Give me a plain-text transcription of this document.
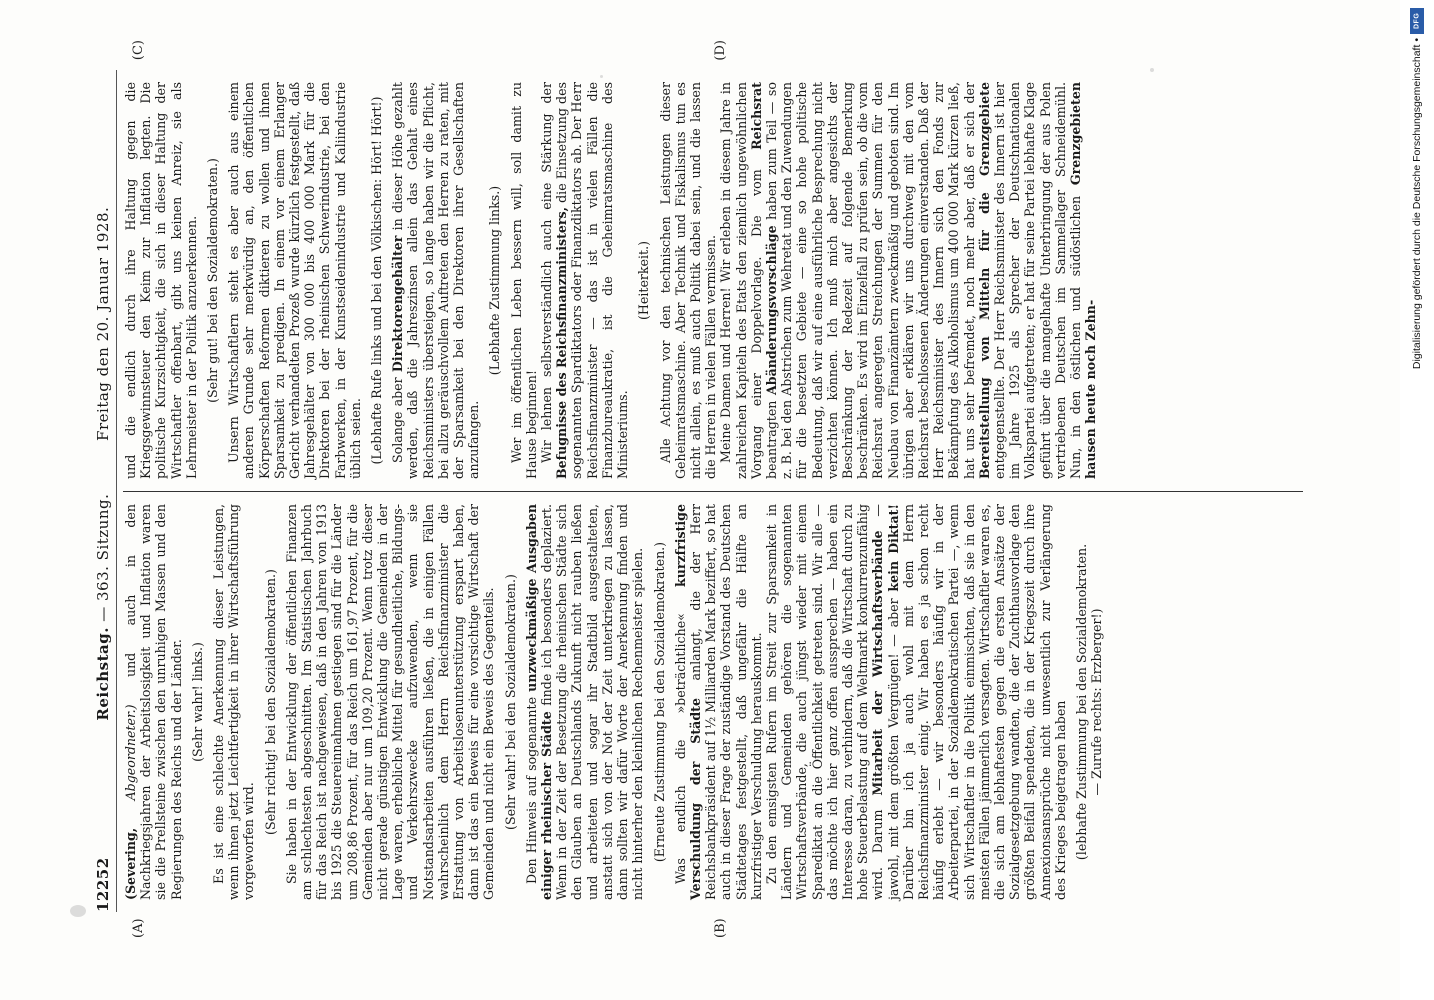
12252
Reichstag. — 363. Sitzung.          Freitag den 20. Januar 1928.
(A)	(B)
(C)	(D)

(Severing, Abgeordneter.) und auch in den Nachkriegsjahren der Arbeitslosigkeit und Inflation waren sie die Prellsteine zwischen den unruhigen Massen und den Regierungen des Reichs und der Länder. (Sehr wahr! links.) Es ist eine schlechte Anerkennung dieser Leistungen, wenn ihnen jetzt Leichtfertigkeit in ihrer Wirtschaftsführung vorgeworfen wird.

(Sehr richtig! bei den Sozialdemokraten.) Sie haben in der Entwicklung der öffentlichen Finanzen am schlechtesten abgeschnitten. Im Statistischen Jahrbuch für das Reich ist nachgewiesen, daß in den Jahren von 1913 bis 1925 die Steuereinnahmen gestiegen sind für die Länder um 208,86 Prozent, für das Reich um 161,97 Prozent, für die Gemeinden aber nur um 109,20 Prozent. Wenn trotz dieser nicht gerade günstigen Entwicklung die Gemeinden in der Lage waren, erhebliche Mittel für gesundheitliche, Bildungs- und Verkehrszwecke aufzuwenden, wenn sie Notstandsarbeiten ausführen ließen, die in einigen Fällen wahrscheinlich dem Herrn Reichsfinanzminister die Erstattung von Arbeitslosenunterstützung erspart haben, dann ist das ein Beweis für eine vorsichtige Wirtschaft der Gemeinden und nicht ein Beweis des Gegenteils. (Sehr wahr! bei den Sozialdemokraten.) Den Hinweis auf sogenannte unzweckmäßige Ausgaben einiger rheinischer Städte finde ich besonders deplaziert. Wenn in der Zeit der Besetzung die rheinischen Städte sich den Glauben an Deutschlands Zukunft nicht rauben ließen und arbeiteten und sogar ihr Stadtbild ausgestalteten, anstatt sich von der Not der Zeit unterkriegen zu lassen, dann sollten wir dafür Worte der Anerkennung finden und nicht hinterher den kleinlichen Rechenmeister spielen. (Erneute Zustimmung bei den Sozialdemokraten.) Was endlich die »beträchtliche« kurzfristige Verschuldung der Städte anlangt, die der Herr Reichsbankpräsident auf 1½ Milliarden Mark beziffert, so hat auch in dieser Frage der zuständige Vorstand des Deutschen Städtetages festgestellt, daß ungefähr die Hälfte an kurzfristiger Verschuldung herauskommt. Zu den emsigsten Rufern im Streit zur Sparsamkeit in Ländern und Gemeinden gehören die sogenannten Wirtschaftsverbände, die auch jüngst wieder mit einem Sparediktat an die Öffentlichkeit getreten sind. Wir alle — das möchte ich hier ganz offen aussprechen — haben ein Interesse daran, zu verhindern, daß die Wirtschaft durch zu hohe Steuerbelastung auf dem Weltmarkt konkurrenzunfähig wird. Darum Mitarbeit der Wirtschaftsverbände — jawohl, mit dem größten Vergnügen! — aber kein Diktat! Darüber bin ich ja auch wohl mit dem Herrn Reichsfinanzminister einig. Wir haben es ja schon recht häufig erlebt — wir besonders häufig wir in der Arbeiterpartei, in der Sozialdemokratischen Partei —, wenn sich Wirtschaftler in die Politik einmischten, daß sie in den meisten Fällen jämmerlich versagten. Wirtschaftler waren es, die sich am lebhaftesten gegen die ersten Ansätze der Sozialgesetzgebung wandten, die der Zuchthausvorlage den größten Beifall spendeten, die in der Kriegszeit durch ihre Annexionsansprüche nicht unwesentlich zur Verlängerung des Krieges beigetragen haben (lebhafte Zustimmung bei den Sozialdemokraten. — Zurufe rechts: Erzberger!)

und die endlich durch ihre Haltung gegen die Kriegsgewinnsteuer den Keim zur Inflation legten. Die politische Kurzsichtigkeit, die sich in dieser Haltung der Wirtschaftler offenbart, gibt uns keinen Anreiz, sie als Lehrmeister in der Politik anzuerkennen. (Sehr gut! bei den Sozialdemokraten.) Unsern Wirtschaftlern steht es aber auch aus einem anderen Grunde sehr merkwürdig an, den öffentlichen Körperschaften Reformen diktieren zu wollen und ihnen Sparsamkeit zu predigen. In einem vor einem Erlanger Gericht verhandelten Prozeß wurde kürzlich festgestellt, daß Jahresgehälter von 300 000 bis 400 000 Mark für die Direktoren bei der rheinischen Schwerindustrie, bei den Farbwerken, in der Kunstseidenindustrie und Kaliindustrie üblich seien. (Lebhafte Rufe links und bei den Völkischen: Hört! Hört!) Solange aber Direktorengehälter in dieser Höhe gezahlt werden, daß die Jahreszinsen allein das Gehalt eines Reichsministers übersteigen, so lange haben wir die Pflicht, bei allzu geräuschvollem Auftreten den Herren zu raten, mit der Sparsamkeit bei den Direktoren ihrer Gesellschaften anzufangen.

(Lebhafte Zustimmung links.) Wer im öffentlichen Leben bessern will, soll damit zu Hause beginnen! Wir lehnen selbstverständlich auch eine Stärkung der Befugnisse des Reichsfinanzministers, die Einsetzung des sogenannten Spardiktators oder Finanzdiktators ab. Der Herr Reichsfinanzminister — das ist in vielen Fällen die Finanzbureaukratie, ist die Geheimratsmaschine des Ministeriums.

(Heiterkeit.) Alle Achtung vor den technischen Leistungen dieser Geheimratsmaschine. Aber Technik und Fiskalismus tun es nicht allein, es muß auch Politik dabei sein, und die lassen die Herren in vielen Fällen vermissen. Meine Damen und Herren! Wir erleben in diesem Jahre in zahlreichen Kapiteln des Etats den ziemlich ungewöhnlichen Vorgang einer Doppelvorlage. Die vom Reichsrat beantragten Abänderungsvorschläge haben zum Teil — so z. B. bei den Abstrichen zum Wehretat und den Zuwendungen für die besetzten Gebiete — eine so hohe politische Bedeutung, daß wir auf eine ausführliche Besprechung nicht verzichten können. Ich muß mich aber angesichts der Beschränkung der Redezeit auf folgende Bemerkung beschränken. Es wird im Einzelfall zu prüfen sein, ob die vom Reichsrat angeregten Streichungen der Summen für den Neubau von Finanzämtern zweckmäßig und geboten sind. Im übrigen aber erklären wir uns durchweg mit den vom Reichsrat beschlossenen Änderungen einverstanden. Daß der Herr Reichsminister des Innern sich den Fonds zur Bekämpfung des Alkoholismus um 400 000 Mark kürzen ließ, hat uns sehr befremdet, noch mehr aber, daß er sich der Bereitstellung von Mitteln für die Grenzgebiete entgegenstellte. Der Herr Reichsminister des Innern ist hier im Jahre 1925 als Sprecher der Deutschnationalen Volkspartei aufgetreten; er hat für seine Partei lebhafte Klage geführt über die mangelhafte Unterbringung der aus Polen vertriebenen Deutschen im Sammellager Schneidemühl. Nun, in den östlichen und südöstlichen Grenzgebieten hausen heute noch Zehn-

DFG
Digitalisierung gefördert durch die Deutsche Forschungsgemeinschaft •
